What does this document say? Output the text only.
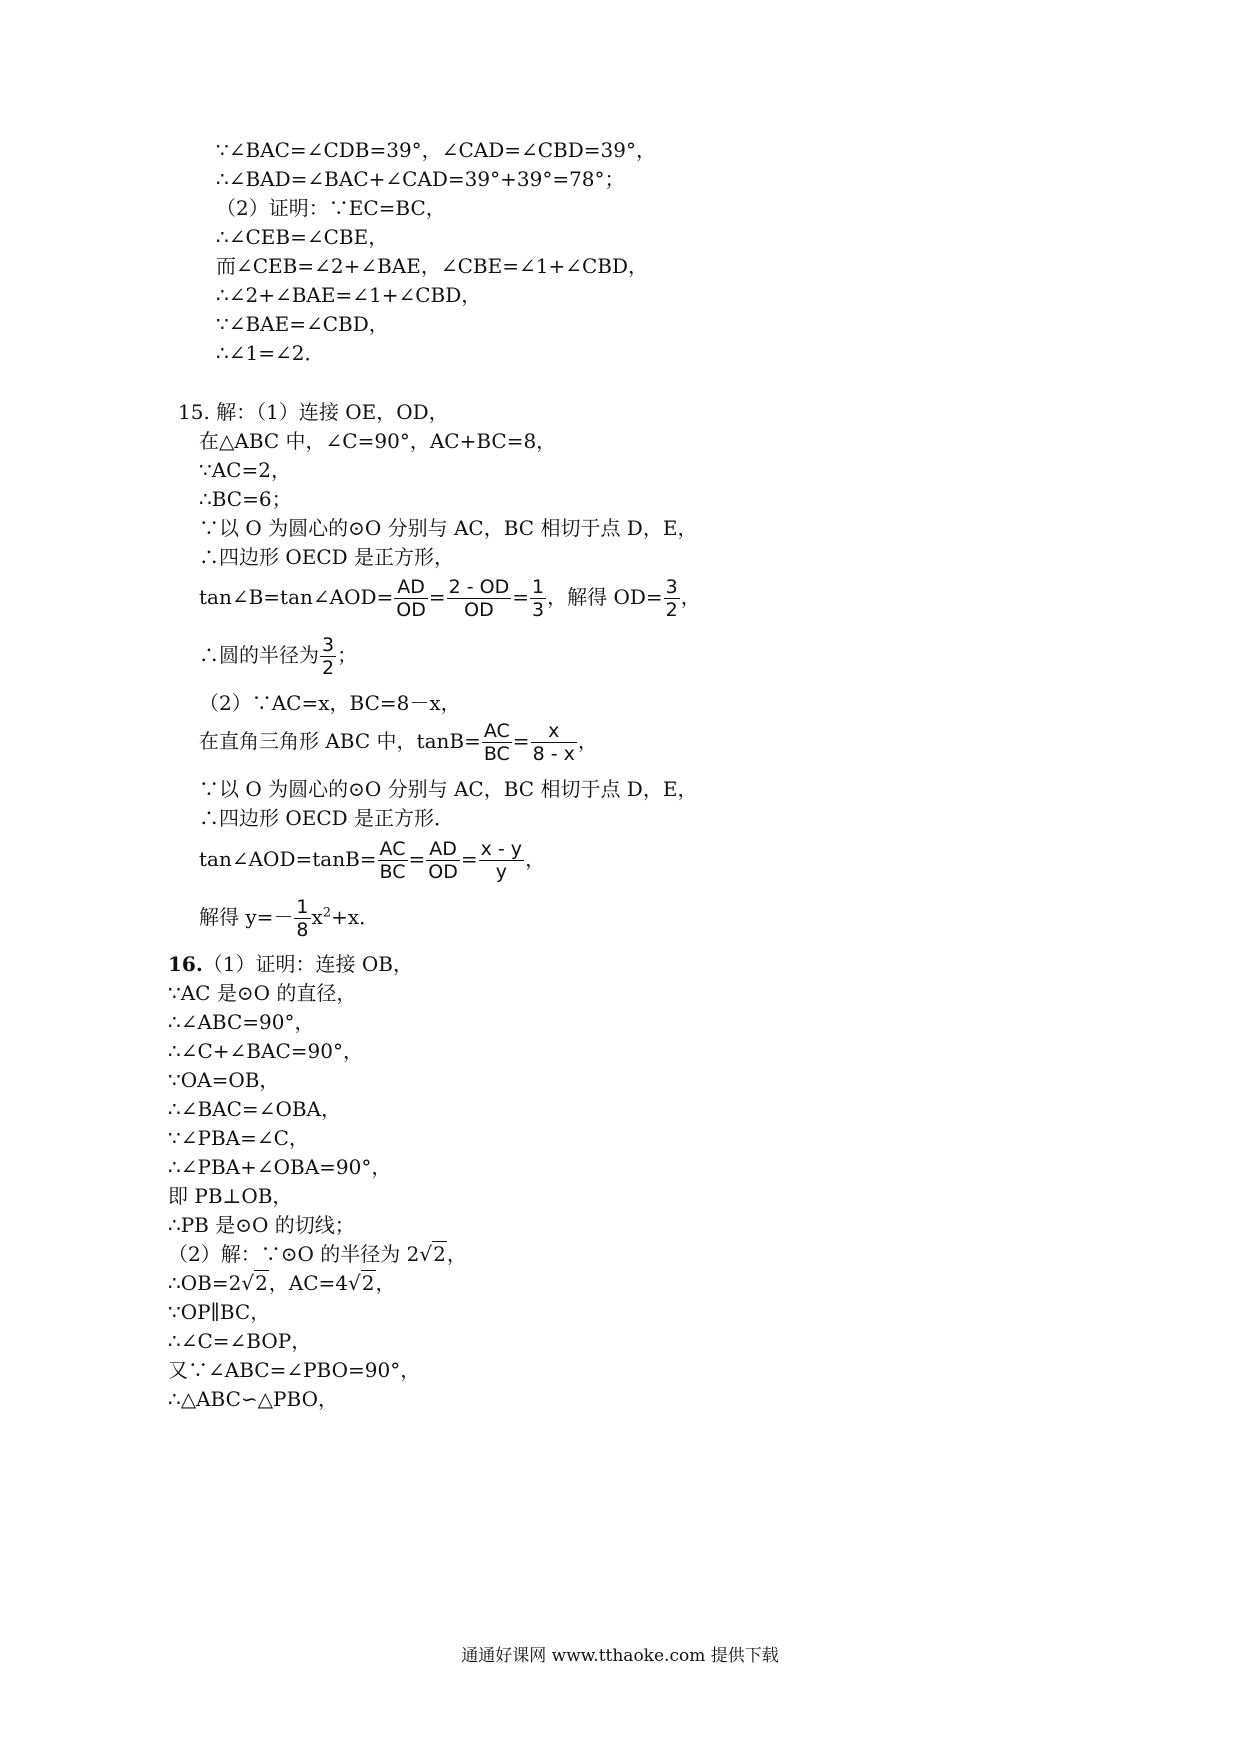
∵∠BAC=∠CDB=39°，∠CAD=∠CBD=39°，
∴∠BAD=∠BAC+∠CAD=39°+39°=78°；
（2）证明：∵EC=BC，
∴∠CEB=∠CBE，
而∠CEB=∠2+∠BAE，∠CBE=∠1+∠CBD，
∴∠2+∠BAE=∠1+∠CBD，
∵∠BAE=∠CBD，
∴∠1=∠2．
15. 解：（1）连接 OE，OD，
在△ABC 中，∠C=90°，AC+BC=8，
∵AC=2，
∴BC=6；
∵以 O 为圆心的⊙O 分别与 AC，BC 相切于点 D，E，
∴四边形 OECD 是正方形，
tan∠B=tan∠AOD= $\frac{AD}{OD} = \frac{2 - OD}{OD} = \frac{1}{3}$ ，解得 $OD= \frac{3}{2}$ ，
∴圆的半径为 $\frac{3}{2}$ ；
（2）∵AC=x，BC=8－x，
在直角三角形 ABC 中，$\tan B= \frac{AC}{BC} = \frac{x}{8 - x}$ ，
∵以 O 为圆心的⊙O 分别与 AC，BC 相切于点 D，E，
∴四边形 OECD 是正方形．
tan∠AOD=tanB= $\frac{AC}{BC} = \frac{AD}{OD} = \frac{x - y}{y}$ ，
解得 $y=- \frac{1}{8} x^2+x$．
16.（1）证明：连接 OB，
∵AC 是⊙O 的直径，
∴∠ABC=90°，
∴∠C+∠BAC=90°，
∵OA=OB，
∴∠BAC=∠OBA，
∵∠PBA=∠C，
∴∠PBA+∠OBA=90°，
即 PB⊥OB，
∴PB 是⊙O 的切线；
（2）解：∵⊙O 的半径为 2√2，
∴OB=2√2，AC=4√2，
∵OP∥BC，
∴∠C=∠BOP，
又∵∠ABC=∠PBO=90°，
∴△ABC∽△PBO，
通通好课网 www.tthaoke.com 提供下载
